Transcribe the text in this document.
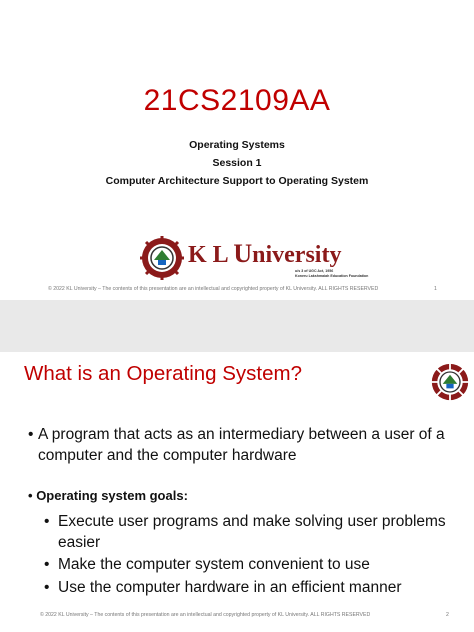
21CS2109AA
Operating Systems
Session 1
Computer Architecture Support to Operating System
K L University
u/s 3 of UGC Act, 1956
Koneru Lakshmaiah Education Foundation
© 2022 KL University – The contents of this presentation are an intellectual and copyrighted property of KL University. ALL RIGHTS RESERVED	1
What is an Operating System?
• A program that acts as an intermediary between a user of a computer and the computer hardware
• Operating system goals:
• Execute user programs and make solving user problems easier
• Make the computer system convenient to use
• Use the computer hardware in an efficient manner
© 2022 KL University – The contents of this presentation are an intellectual and copyrighted property of KL University. ALL RIGHTS RESERVED	2
